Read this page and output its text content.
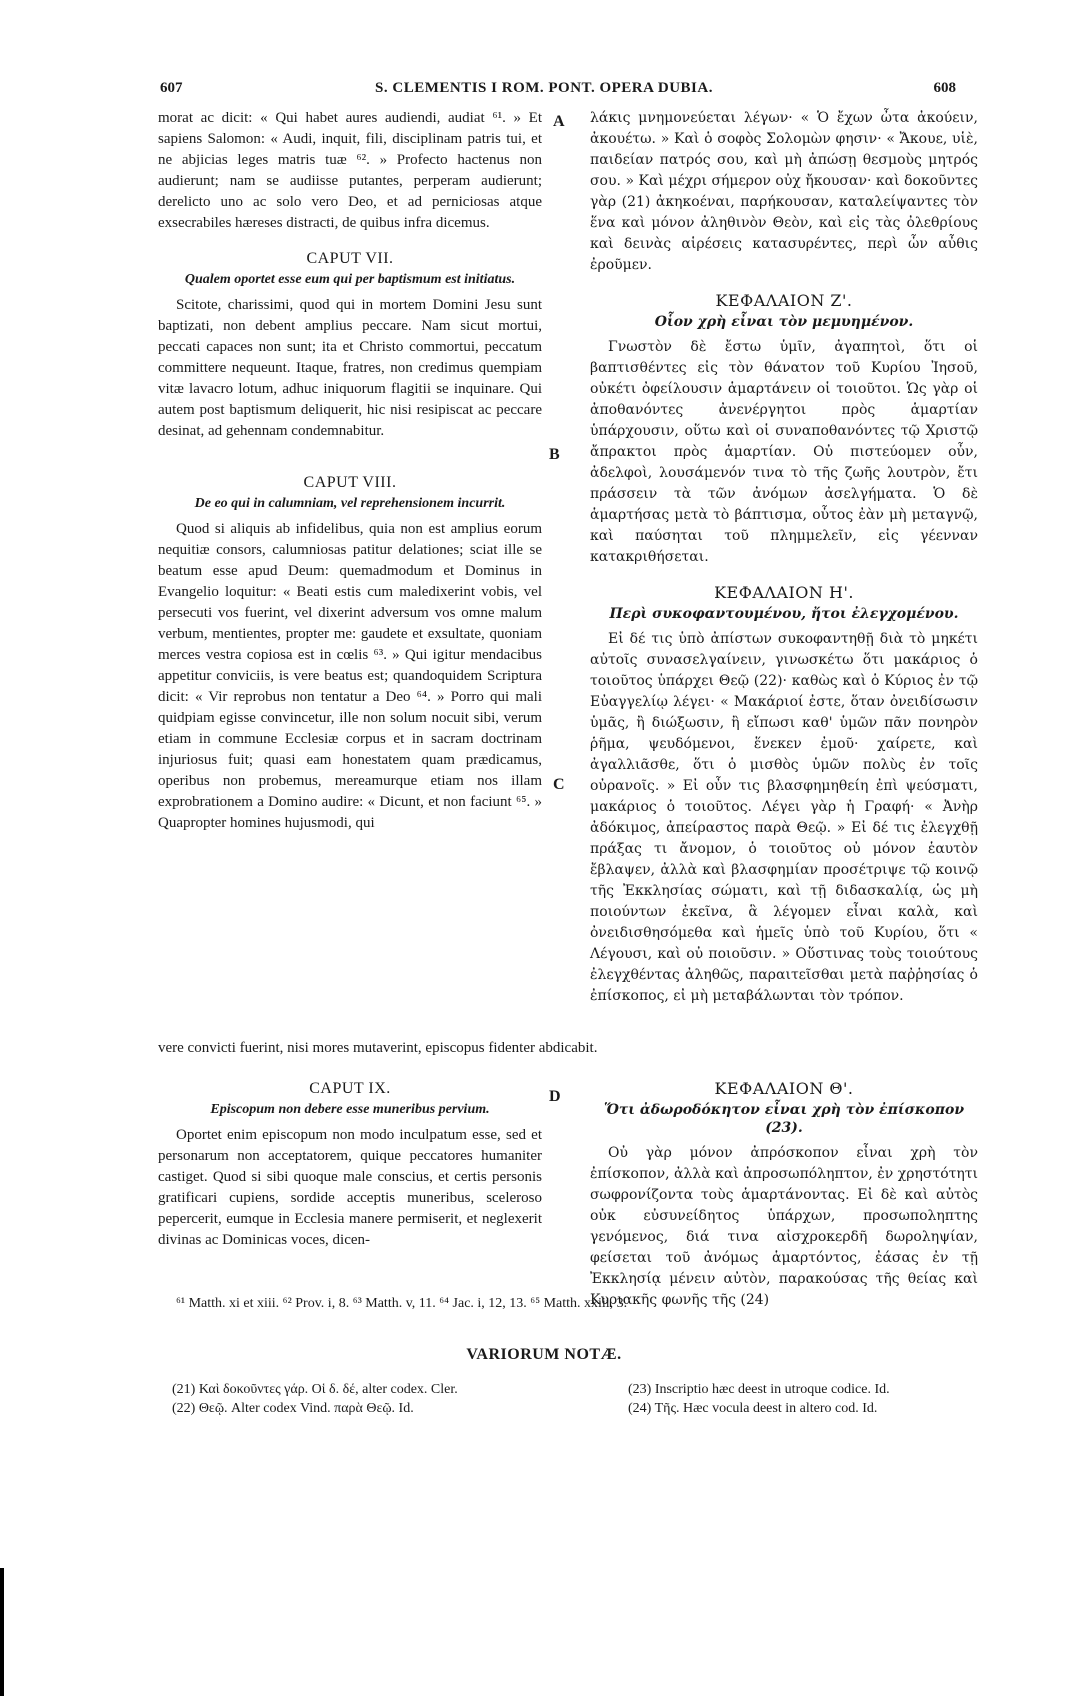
607	S. CLEMENTIS I ROM. PONT. OPERA DUBIA.	608
A
B
C
D

morat ac dicit: « Qui habet aures audiendi, audiat ⁶¹. » Et sapiens Salomon: « Audi, inquit, fili, disciplinam patris tui, et ne abjicias leges matris tuæ ⁶². » Profecto hactenus non audierunt; nam se audiisse putantes, perperam audierunt; derelicto uno ac solo vero Deo, et ad perniciosas atque exsecrabiles hæreses distracti, de quibus infra dicemus.

CAPUT VII.
Qualem oportet esse eum qui per baptismum est initiatus.

Scitote, charissimi, quod qui in mortem Domini Jesu sunt baptizati, non debent amplius peccare. Nam sicut mortui, peccati capaces non sunt; ita et Christo commortui, peccatum committere nequeunt. Itaque, fratres, non credimus quempiam vitæ lavacro lotum, adhuc iniquorum flagitii se inquinare. Qui autem post baptismum deliquerit, hic nisi resipiscat ac peccare desinat, ad gehennam condemnabitur.

CAPUT VIII.
De eo qui in calumniam, vel reprehensionem incurrit.

Quod si aliquis ab infidelibus, quia non est amplius eorum nequitiæ consors, calumniosas patitur delationes; sciat ille se beatum esse apud Deum: quemadmodum et Dominus in Evangelio loquitur: « Beati estis cum maledixerint vobis, vel persecuti vos fuerint, vel dixerint adversum vos omne malum verbum, mentientes, propter me: gaudete et exsultate, quoniam merces vestra copiosa est in cœlis ⁶³. » Qui igitur mendacibus appetitur conviciis, is vere beatus est; quandoquidem Scriptura dicit: « Vir reprobus non tentatur a Deo ⁶⁴. » Porro qui mali quidpiam egisse convincetur, ille non solum nocuit sibi, verum etiam in commune Ecclesiæ corpus et in sacram doctrinam injuriosus fuit; quasi eam honestatem quam prædicamus, operibus non probemus, mereamurque etiam nos illam exprobrationem a Domino audire: « Dicunt, et non faciunt ⁶⁵. » Quapropter homines hujusmodi, qui

λάκις μνημονεύεται λέγων· « Ὁ ἔχων ὦτα ἀκούειν, ἀκουέτω. » Καὶ ὁ σοφὸς Σολομὼν φησιν· « Ἄκουε, υἱὲ, παιδείαν πατρός σου, καὶ μὴ ἀπώσῃ θεσμοὺς μητρός σου. » Καὶ μέχρι σήμερον οὐχ ἤκουσαν· καὶ δοκοῦντες γὰρ (21) ἀκηκοέναι, παρήκουσαν, καταλείψαντες τὸν ἕνα καὶ μόνον ἀληθινὸν Θεὸν, καὶ εἰς τὰς ὀλεθρίους καὶ δεινὰς αἱρέσεις κατασυρέντες, περὶ ὧν αὖθις ἐροῦμεν.

ΚΕΦΑΛΑΙΟΝ Ζ'.
Οἷον χρὴ εἶναι τὸν μεμυημένον.

Γνωστὸν δὲ ἔστω ὑμῖν, ἀγαπητοὶ, ὅτι οἱ βαπτισθέντες εἰς τὸν θάνατον τοῦ Κυρίου Ἰησοῦ, οὐκέτι ὀφείλουσιν ἁμαρτάνειν οἱ τοιοῦτοι. Ὡς γὰρ οἱ ἀποθανόντες ἀνενέργητοι πρὸς ἁμαρτίαν ὑπάρχουσιν, οὕτω καὶ οἱ συναποθανόντες τῷ Χριστῷ ἄπρακτοι πρὸς ἁμαρτίαν. Οὐ πιστεύομεν οὖν, ἀδελφοὶ, λουσάμενόν τινα τὸ τῆς ζωῆς λουτρὸν, ἔτι πράσσειν τὰ τῶν ἀνόμων ἀσελγήματα. Ὁ δὲ ἁμαρτήσας μετὰ τὸ βάπτισμα, οὗτος ἐὰν μὴ μεταγνῷ, καὶ παύσηται τοῦ πλημμελεῖν, εἰς γέενναν κατακριθήσεται.

ΚΕΦΑΛΑΙΟΝ Η'.
Περὶ συκοφαντουμένου, ἤτοι ἐλεγχομένου.

Εἰ δέ τις ὑπὸ ἀπίστων συκοφαντηθῇ διὰ τὸ μηκέτι αὐτοῖς συνασελγαίνειν, γινωσκέτω ὅτι μακάριος ὁ τοιοῦτος ὑπάρχει Θεῷ (22)· καθὼς καὶ ὁ Κύριος ἐν τῷ Εὐαγγελίῳ λέγει· « Μακάριοί ἐστε, ὅταν ὀνειδίσωσιν ὑμᾶς, ἢ διώξωσιν, ἢ εἴπωσι καθ' ὑμῶν πᾶν πονηρὸν ῥῆμα, ψευδόμενοι, ἕνεκεν ἐμοῦ· χαίρετε, καὶ ἀγαλλιᾶσθε, ὅτι ὁ μισθὸς ὑμῶν πολὺς ἐν τοῖς οὐρανοῖς. » Εἰ οὖν τις βλασφημηθείη ἐπὶ ψεύσματι, μακάριος ὁ τοιοῦτος. Λέγει γὰρ ἡ Γραφή· « Ἀνὴρ ἀδόκιμος, ἀπείραστος παρὰ Θεῷ. » Εἰ δέ τις ἐλεγχθῇ πράξας τι ἄνομον, ὁ τοιοῦτος οὐ μόνον ἑαυτὸν ἔβλαψεν, ἀλλὰ καὶ βλασφημίαν προσέτριψε τῷ κοινῷ τῆς Ἐκκλησίας σώματι, καὶ τῇ διδασκαλίᾳ, ὡς μὴ ποιούντων ἐκεῖνα, ἃ λέγομεν εἶναι καλὰ, καὶ ὀνειδισθησόμεθα καὶ ἡμεῖς ὑπὸ τοῦ Κυρίου, ὅτι « Λέγουσι, καὶ οὐ ποιοῦσιν. » Οὕστινας τοὺς τοιούτους ἐλεγχθέντας ἀληθῶς, παραιτεῖσθαι μετὰ παῤῥησίας ὁ ἐπίσκοπος, εἰ μὴ μεταβάλωνται τὸν τρόπον.

vere convicti fuerint, nisi mores mutaverint, episcopus fidenter abdicabit.
CAPUT IX.
Episcopum non debere esse muneribus pervium.

Oportet enim episcopum non modo inculpatum esse, sed et personarum non acceptatorem, quique peccatores humaniter castiget. Quod si sibi quoque male conscius, et certis personis gratificari cupiens, sordide acceptis muneribus, sceleroso pepercerit, eumque in Ecclesia manere permiserit, et neglexerit divinas ac Dominicas voces, dicen-

ΚΕΦΑΛΑΙΟΝ Θ'.
Ὅτι ἀδωροδόκητον εἶναι χρὴ τὸν ἐπίσκοπον (23).

Οὐ γὰρ μόνον ἀπρόσκοπον εἶναι χρὴ τὸν ἐπίσκοπον, ἀλλὰ καὶ ἀπροσωπόληπτον, ἐν χρηστότητι σωφρονίζοντα τοὺς ἁμαρτάνοντας. Εἰ δὲ καὶ αὐτὸς οὐκ εὐσυνείδητος ὑπάρχων, προσωποληπτης γενόμενος, διά τινα αἰσχροκερδῆ δωροληψίαν, φείσεται τοῦ ἀνόμως ἁμαρτόντος, ἐάσας ἐν τῇ Ἐκκλησίᾳ μένειν αὐτὸν, παρακούσας τῆς θείας καὶ Κυριακῆς φωνῆς τῆς (24)

⁶¹ Matth. xi et xiii. ⁶² Prov. i, 8. ⁶³ Matth. v, 11. ⁶⁴ Jac. i, 12, 13. ⁶⁵ Matth. xxiii, 3.
VARIORUM NOTÆ.
(21) Καὶ δοκοῦντες γάρ. Οἱ δ. δέ, alter codex. Cler.
(22) Θεῷ. Alter codex Vind. παρὰ Θεῷ. Id.
(23) Inscriptio hæc deest in utroque codice. Id.
(24) Τῆς. Hæc vocula deest in altero cod. Id.
